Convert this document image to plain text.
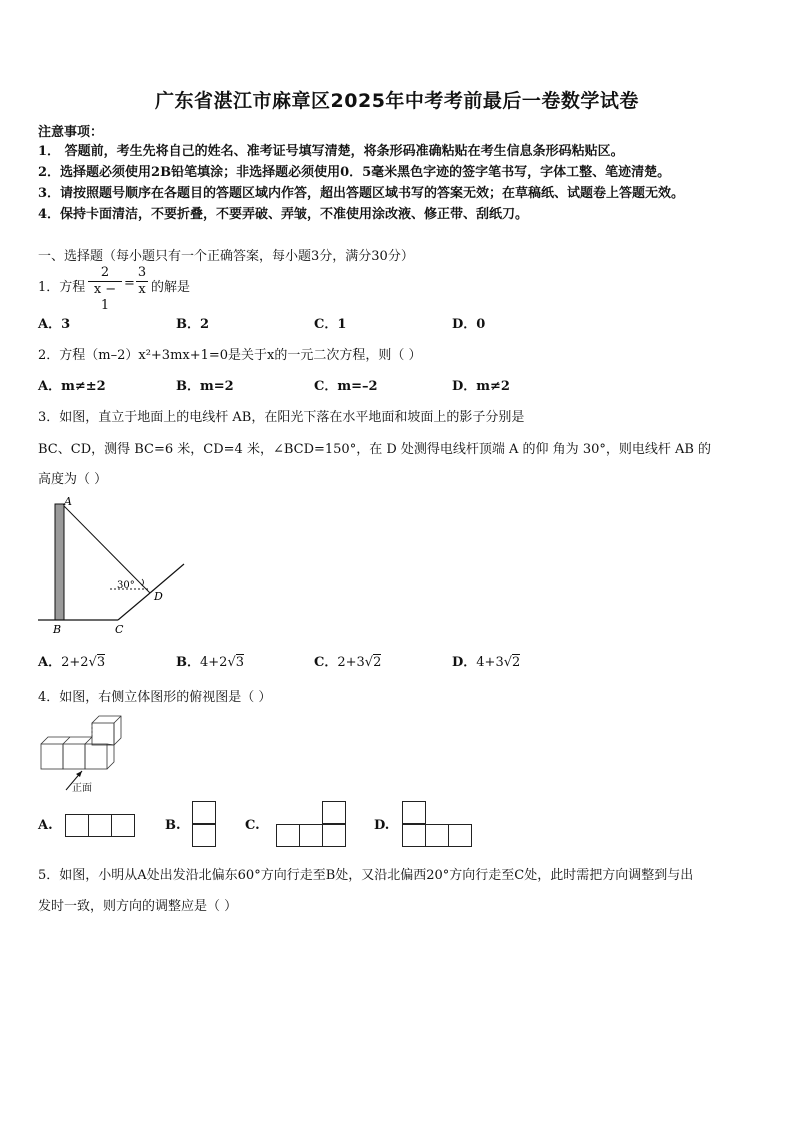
广东省湛江市麻章区2025年中考考前最后一卷数学试卷
注意事项：
1． 答题前，考生先将自己的姓名、准考证号填写清楚，将条形码准确粘贴在考生信息条形码粘贴区。
2．选择题必须使用2B铅笔填涂；非选择题必须使用0．5毫米黑色字迹的签字笔书写，字体工整、笔迹清楚。
3．请按照题号顺序在各题目的答题区域内作答，超出答题区域书写的答案无效；在草稿纸、试题卷上答题无效。
4．保持卡面清洁，不要折叠，不要弄破、弄皱，不准使用涂改液、修正带、刮纸刀。
一、选择题（每小题只有一个正确答案，每小题3分，满分30分）
1．方程
2
x − 1
=
3
x 的解是
A．3	B．2	C．1	D．0
2．方程（m–2）x²+3mx+1=0是关于x的一元二次方程，则（ ）
A．m≠±2	B．m=2	C．m=–2	D．m≠2
3．如图，直立于地面上的电线杆 AB，在阳光下落在水平地面和坡面上的影子分别是
BC、CD，测得 BC=6 米，CD=4 米，∠BCD=150°，在 D 处测得电线杆顶端 A 的仰 角为 30°，则电线杆 AB 的
高度为（ ）
A
B	C
D
30°
A．2+2√3	B．4+2√3	C．2+3√2	D．4+3√2
4．如图，右侧立体图形的俯视图是（ ）
正面
A.	B.	C.	D.
5．如图，小明从A处出发沿北偏东60°方向行走至B处，又沿北偏西20°方向行走至C处，此时需把方向调整到与出
发时一致，则方向的调整应是（ ）
